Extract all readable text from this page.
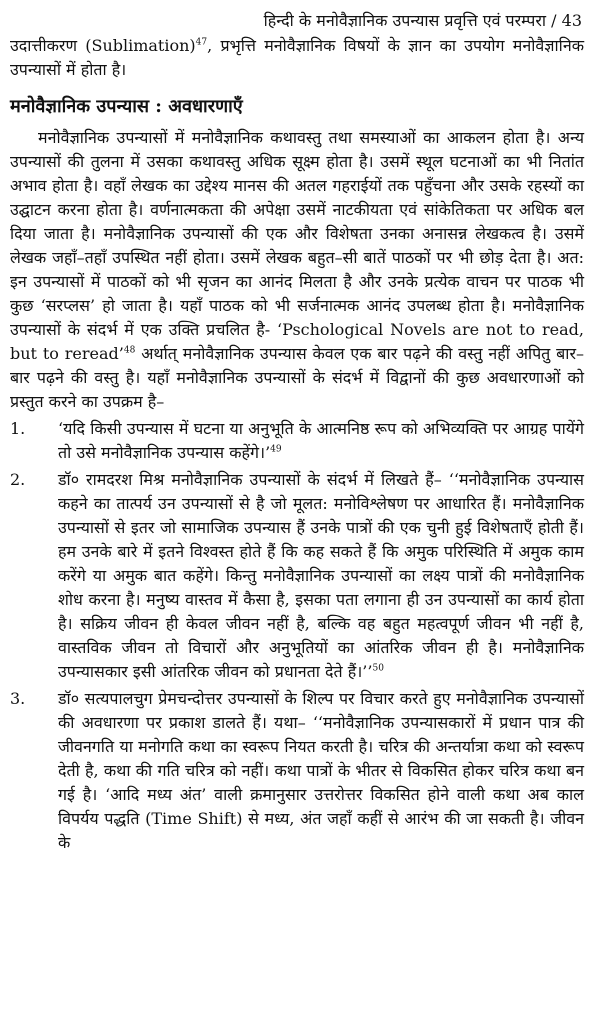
हिन्दी के मनोवैज्ञानिक उपन्यास प्रवृत्ति एवं परम्परा / 43
उदात्तीकरण (Sublimation)$^{47}$, प्रभृत्ति मनोवैज्ञानिक विषयों के ज्ञान का उपयोग मनोवैज्ञानिक उपन्यासों में होता है।
मनोवैज्ञानिक उपन्यास : अवधारणाएँ
मनोवैज्ञानिक उपन्यासों में मनोवैज्ञानिक कथावस्तु तथा समस्याओं का आकलन होता है। अन्य उपन्यासों की तुलना में उसका कथावस्तु अधिक सूक्ष्म होता है। उसमें स्थूल घटनाओं का भी नितांत अभाव होता है। वहाँ लेखक का उद्देश्य मानस की अतल गहराईयों तक पहुँचना और उसके रहस्यों का उद्घाटन करना होता है। वर्णनात्मकता की अपेक्षा उसमें नाटकीयता एवं सांकेतिकता पर अधिक बल दिया जाता है। मनोवैज्ञानिक उपन्यासों की एक और विशेषता उनका अनासन्न लेखकत्व है। उसमें लेखक जहाँ–तहाँ उपस्थित नहीं होता। उसमें लेखक बहुत–सी बातें पाठकों पर भी छोड़ देता है। अत: इन उपन्यासों में पाठकों को भी सृजन का आनंद मिलता है और उनके प्रत्येक वाचन पर पाठक भी कुछ ‘सरप्लस’ हो जाता है। यहाँ पाठक को भी सर्जनात्मक आनंद उपलब्ध होता है। मनोवैज्ञानिक उपन्यासों के संदर्भ में एक उक्ति प्रचलित है- ‘Pschological Novels are not to read, but to reread’$^{48}$ अर्थात् मनोवैज्ञानिक उपन्यास केवल एक बार पढ़ने की वस्तु नहीं अपितु बार–बार पढ़ने की वस्तु है। यहाँ मनोवैज्ञानिक उपन्यासों के संदर्भ में विद्वानों की कुछ अवधारणाओं को प्रस्तुत करने का उपक्रम है–
1. ‘यदि किसी उपन्यास में घटना या अनुभूति के आत्मनिष्ठ रूप को अभिव्यक्ति पर आग्रह पायेंगे तो उसे मनोवैज्ञानिक उपन्यास कहेंगे।’$^{49}$
2. डॉ० रामदरश मिश्र मनोवैज्ञानिक उपन्यासों के संदर्भ में लिखते हैं– ‘‘मनोवैज्ञानिक उपन्यास कहने का तात्पर्य उन उपन्यासों से है जो मूलत: मनोविश्लेषण पर आधारित हैं। मनोवैज्ञानिक उपन्यासों से इतर जो सामाजिक उपन्यास हैं उनके पात्रों की एक चुनी हुई विशेषताएँ होती हैं। हम उनके बारे में इतने विश्वस्त होते हैं कि कह सकते हैं कि अमुक परिस्थिति में अमुक काम करेंगे या अमुक बात कहेंगे। किन्तु मनोवैज्ञानिक उपन्यासों का लक्ष्य पात्रों की मनोवैज्ञानिक शोध करना है। मनुष्य वास्तव में कैसा है, इसका पता लगाना ही उन उपन्यासों का कार्य होता है। सक्रिय जीवन ही केवल जीवन नहीं है, बल्कि वह बहुत महत्वपूर्ण जीवन भी नहीं है, वास्तविक जीवन तो विचारों और अनुभूतियों का आंतरिक जीवन ही है। मनोवैज्ञानिक उपन्यासकार इसी आंतरिक जीवन को प्रधानता देते हैं।’’$^{50}$
3. डॉ० सत्यपालचुग प्रेमचन्दोत्तर उपन्यासों के शिल्प पर विचार करते हुए मनोवैज्ञानिक उपन्यासों की अवधारणा पर प्रकाश डालते हैं। यथा– ‘‘मनोवैज्ञानिक उपन्यासकारों में प्रधान पात्र की जीवनगति या मनोगति कथा का स्वरूप नियत करती है। चरित्र की अन्तर्यात्रा कथा को स्वरूप देती है, कथा की गति चरित्र को नहीं। कथा पात्रों के भीतर से विकसित होकर चरित्र कथा बन गई है। ‘आदि मध्य अंत’ वाली क्रमानुसार उत्तरोत्तर विकसित होने वाली कथा अब काल विपर्यय पद्धति (Time Shift) से मध्य, अंत जहाँ कहीं से आरंभ की जा सकती है। जीवन के
